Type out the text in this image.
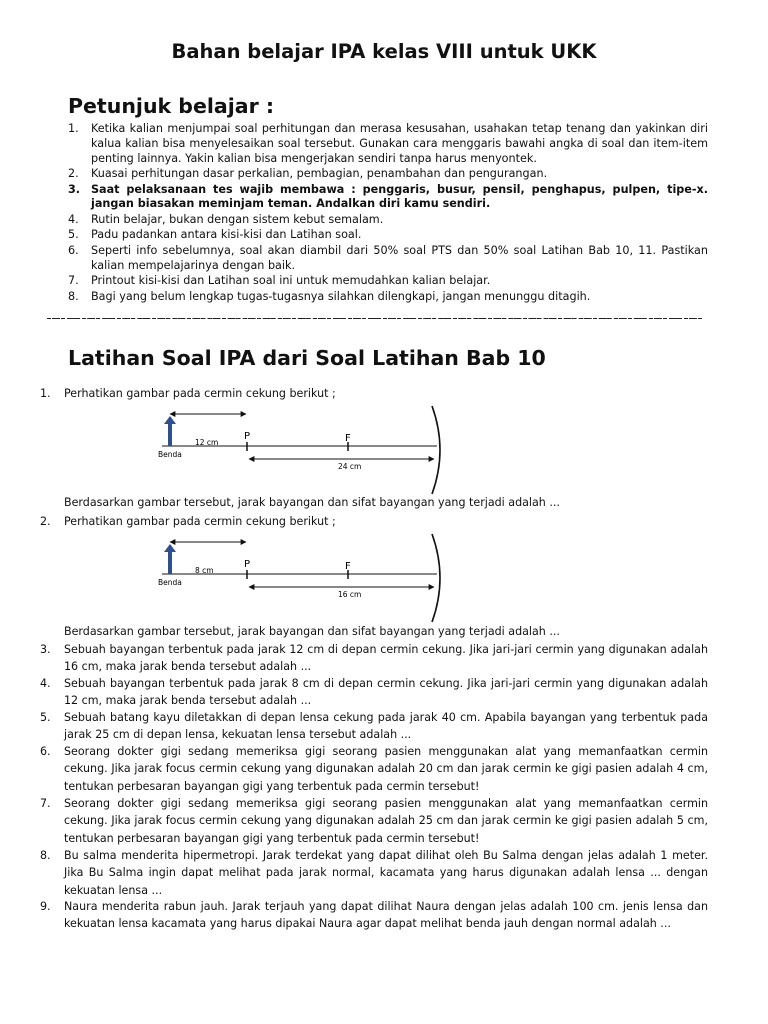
Bahan belajar IPA kelas VIII untuk UKK
Petunjuk belajar :
1.	Ketika kalian menjumpai soal perhitungan dan merasa kesusahan, usahakan tetap tenang dan yakinkan diri kalua kalian bisa menyelesaikan soal tersebut. Gunakan cara menggaris bawahi angka di soal dan item-item penting lainnya. Yakin kalian bisa mengerjakan sendiri tanpa harus menyontek.
2.	Kuasai perhitungan dasar perkalian, pembagian, penambahan dan pengurangan.
3. Saat pelaksanaan tes wajib membawa : penggaris, busur, pensil, penghapus, pulpen, tipe-x. jangan biasakan meminjam teman. Andalkan diri kamu sendiri.
4.	Rutin belajar, bukan dengan sistem kebut semalam.
5.	Padu padankan antara kisi-kisi dan Latihan soal.
6.	Seperti info sebelumnya, soal akan diambil dari 50% soal PTS dan 50% soal Latihan Bab 10, 11. Pastikan kalian mempelajarinya dengan baik.
7.	Printout kisi-kisi dan Latihan soal ini untuk memudahkan kalian belajar.
8.	Bagi yang belum lengkap tugas-tugasnya silahkan dilengkapi, jangan menunggu ditagih.
Latihan Soal IPA dari Soal Latihan Bab 10
1.	Perhatikan gambar pada cermin cekung berikut ;
Benda
12 cm
P	F
24 cm
Berdasarkan gambar tersebut, jarak bayangan dan sifat bayangan yang terjadi adalah ...
2.	Perhatikan gambar pada cermin cekung berikut ;
Benda
8 cm
P	F
16 cm
Berdasarkan gambar tersebut, jarak bayangan dan sifat bayangan yang terjadi adalah ...
3.	Sebuah bayangan terbentuk pada jarak 12 cm di depan cermin cekung. Jika jari-jari cermin yang digunakan adalah 16 cm, maka jarak benda tersebut adalah ...
4.	Sebuah bayangan terbentuk pada jarak 8 cm di depan cermin cekung. Jika jari-jari cermin yang digunakan adalah 12 cm, maka jarak benda tersebut adalah ...
5.	Sebuah batang kayu diletakkan di depan lensa cekung pada jarak 40 cm. Apabila bayangan yang terbentuk pada jarak 25 cm di depan lensa, kekuatan lensa tersebut adalah ...
6.	Seorang dokter gigi sedang memeriksa gigi seorang pasien menggunakan alat yang memanfaatkan cermin cekung. Jika jarak focus cermin cekung yang digunakan adalah 20 cm dan jarak cermin ke gigi pasien adalah 4 cm, tentukan perbesaran bayangan gigi yang terbentuk pada cermin tersebut!
7.	Seorang dokter gigi sedang memeriksa gigi seorang pasien menggunakan alat yang memanfaatkan cermin cekung. Jika jarak focus cermin cekung yang digunakan adalah 25 cm dan jarak cermin ke gigi pasien adalah 5 cm, tentukan perbesaran bayangan gigi yang terbentuk pada cermin tersebut!
8.	Bu salma menderita hipermetropi. Jarak terdekat yang dapat dilihat oleh Bu Salma dengan jelas adalah 1 meter. Jika Bu Salma ingin dapat melihat pada jarak normal, kacamata yang harus digunakan adalah lensa ... dengan kekuatan lensa ...
9.	Naura menderita rabun jauh. Jarak terjauh yang dapat dilihat Naura dengan jelas adalah 100 cm. jenis lensa dan kekuatan lensa kacamata yang harus dipakai Naura agar dapat melihat benda jauh dengan normal adalah ...
